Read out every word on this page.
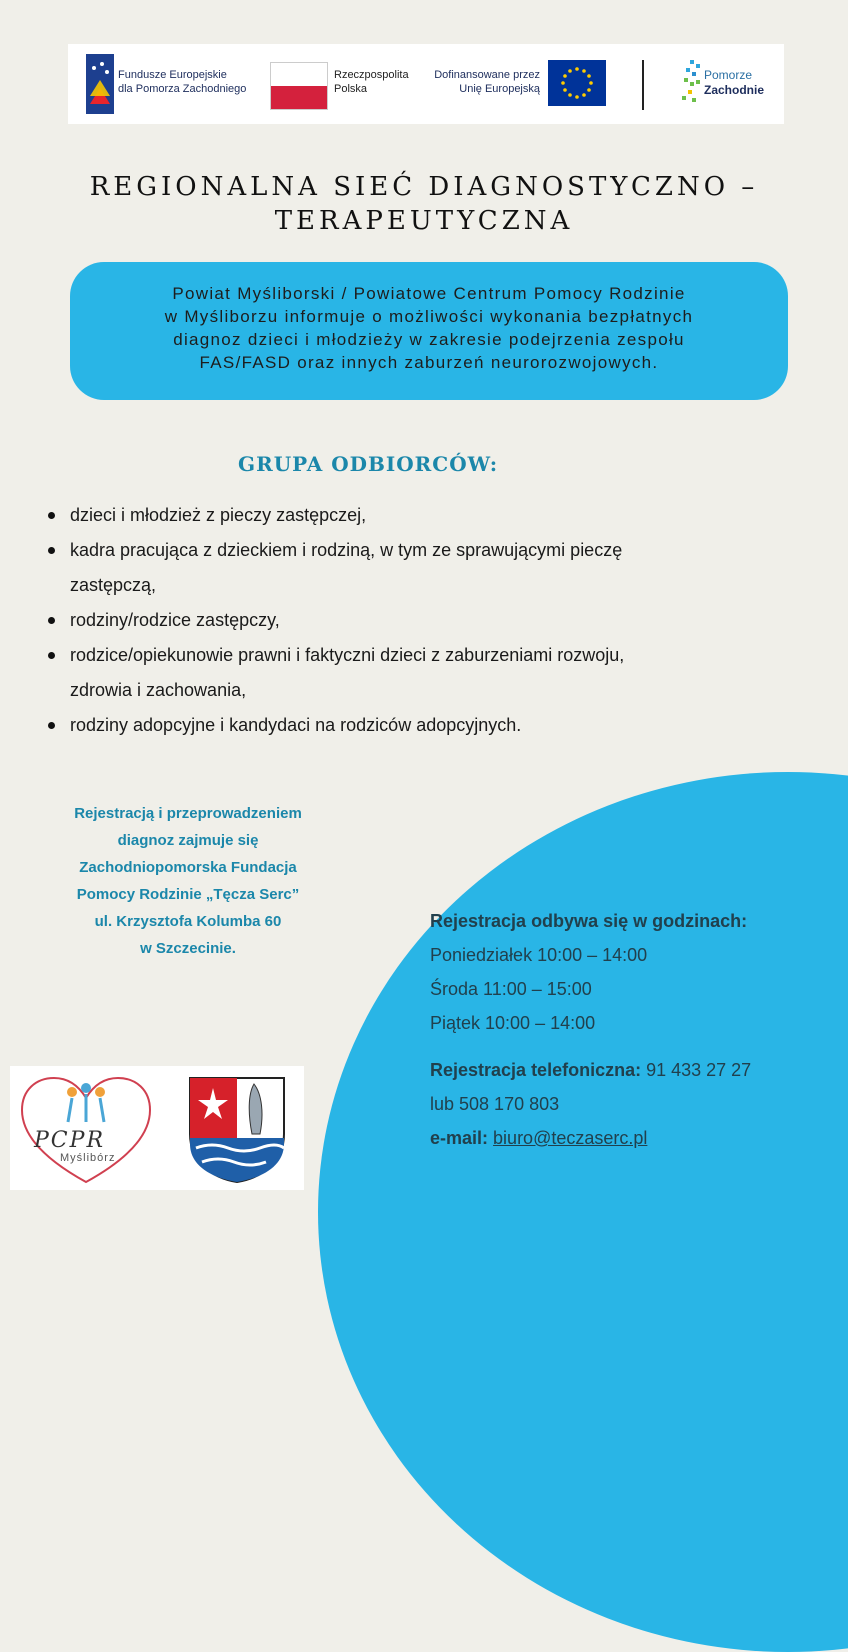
Fundusze Europejskie
dla Pomorza Zachodniego
Rzeczpospolita
Polska
Dofinansowane przez
Unię Europejską
Pomorze
Zachodnie
REGIONALNA SIEĆ DIAGNOSTYCZNO –
TERAPEUTYCZNA
Powiat Myśliborski / Powiatowe Centrum Pomocy Rodzinie
w Myśliborzu informuje o możliwości wykonania bezpłatnych
diagnoz dzieci i młodzieży w zakresie podejrzenia zespołu
FAS/FASD oraz innych zaburzeń neurorozwojowych.
GRUPA ODBIORCÓW:
dzieci i młodzież z pieczy zastępczej,
kadra pracująca z dzieckiem i rodziną, w tym ze sprawującymi pieczę
zastępczą,
rodziny/rodzice zastępczy,
rodzice/opiekunowie prawni i faktyczni dzieci z zaburzeniami rozwoju,
zdrowia i zachowania,
rodziny adopcyjne i kandydaci na rodziców adopcyjnych.
Rejestracją i przeprowadzeniem
diagnoz zajmuje się
Zachodniopomorska Fundacja
Pomocy Rodzinie „Tęcza Serc”
ul. Krzysztofa Kolumba 60
w Szczecinie.
Rejestracja odbywa się w godzinach:
Poniedziałek 10:00 – 14:00
Środa 11:00 – 15:00
Piątek 10:00 – 14:00
Rejestracja telefoniczna: 91 433 27 27
lub 508 170 803
e-mail: biuro@teczaserc.pl
PCPR
Myślibórz
